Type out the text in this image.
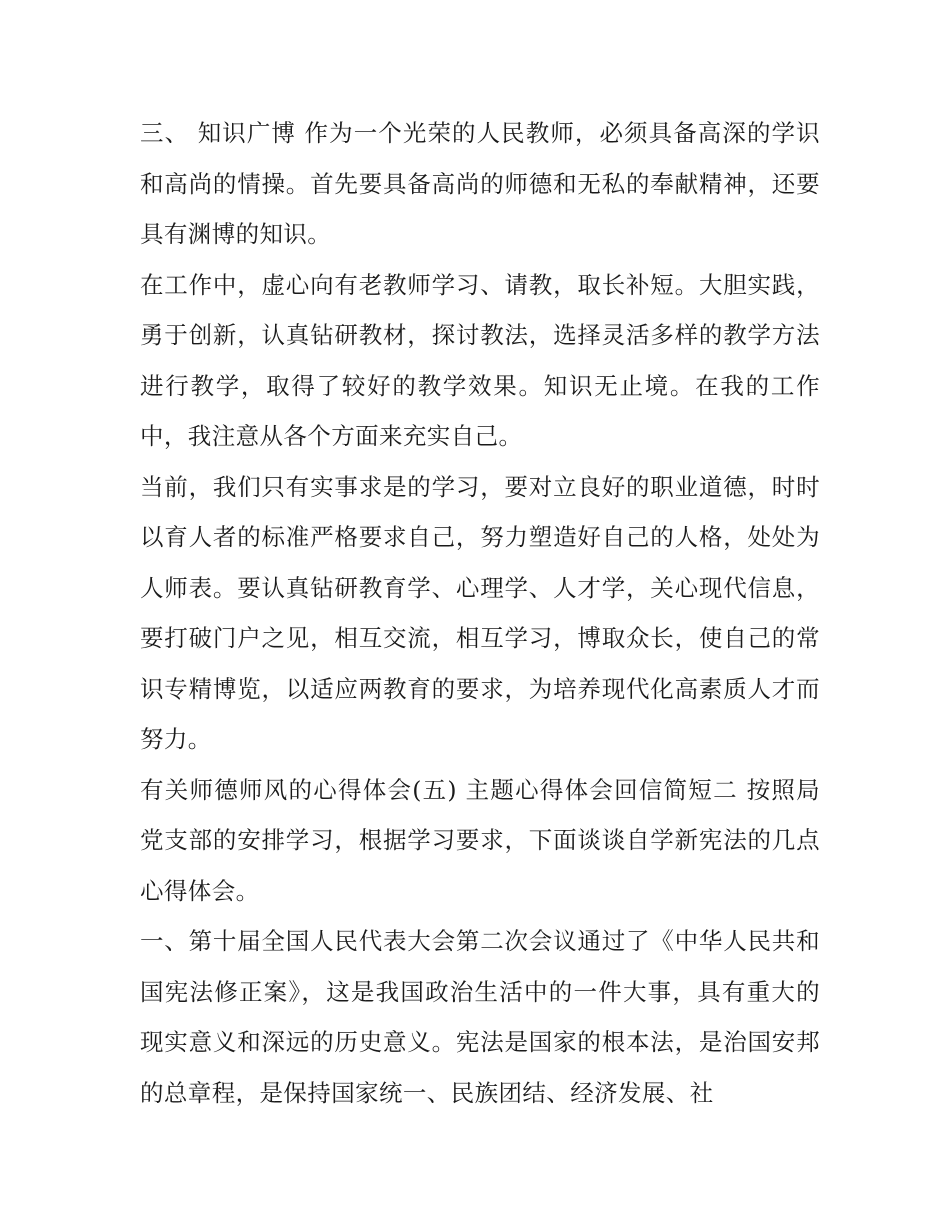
三、 知识广博 作为一个光荣的人民教师，必须具备高深的学识和高尚的情操。首先要具备高尚的师德和无私的奉献精神，还要具有渊博的知识。

在工作中，虚心向有老教师学习、请教，取长补短。大胆实践，勇于创新，认真钻研教材，探讨教法，选择灵活多样的教学方法进行教学，取得了较好的教学效果。知识无止境。在我的工作中，我注意从各个方面来充实自己。

当前，我们只有实事求是的学习，要对立良好的职业道德，时时以育人者的标准严格要求自己，努力塑造好自己的人格，处处为人师表。要认真钻研教育学、心理学、人才学，关心现代信息，要打破门户之见，相互交流，相互学习，博取众长，使自己的常识专精博览，以适应两教育的要求，为培养现代化高素质人才而努力。

有关师德师风的心得体会(五) 主题心得体会回信简短二 按照局党支部的安排学习，根据学习要求，下面谈谈自学新宪法的几点心得体会。

一、第十届全国人民代表大会第二次会议通过了《中华人民共和国宪法修正案》，这是我国政治生活中的一件大事，具有重大的现实意义和深远的历史意义。宪法是国家的根本法，是治国安邦的总章程，是保持国家统一、民族团结、经济发展、社
